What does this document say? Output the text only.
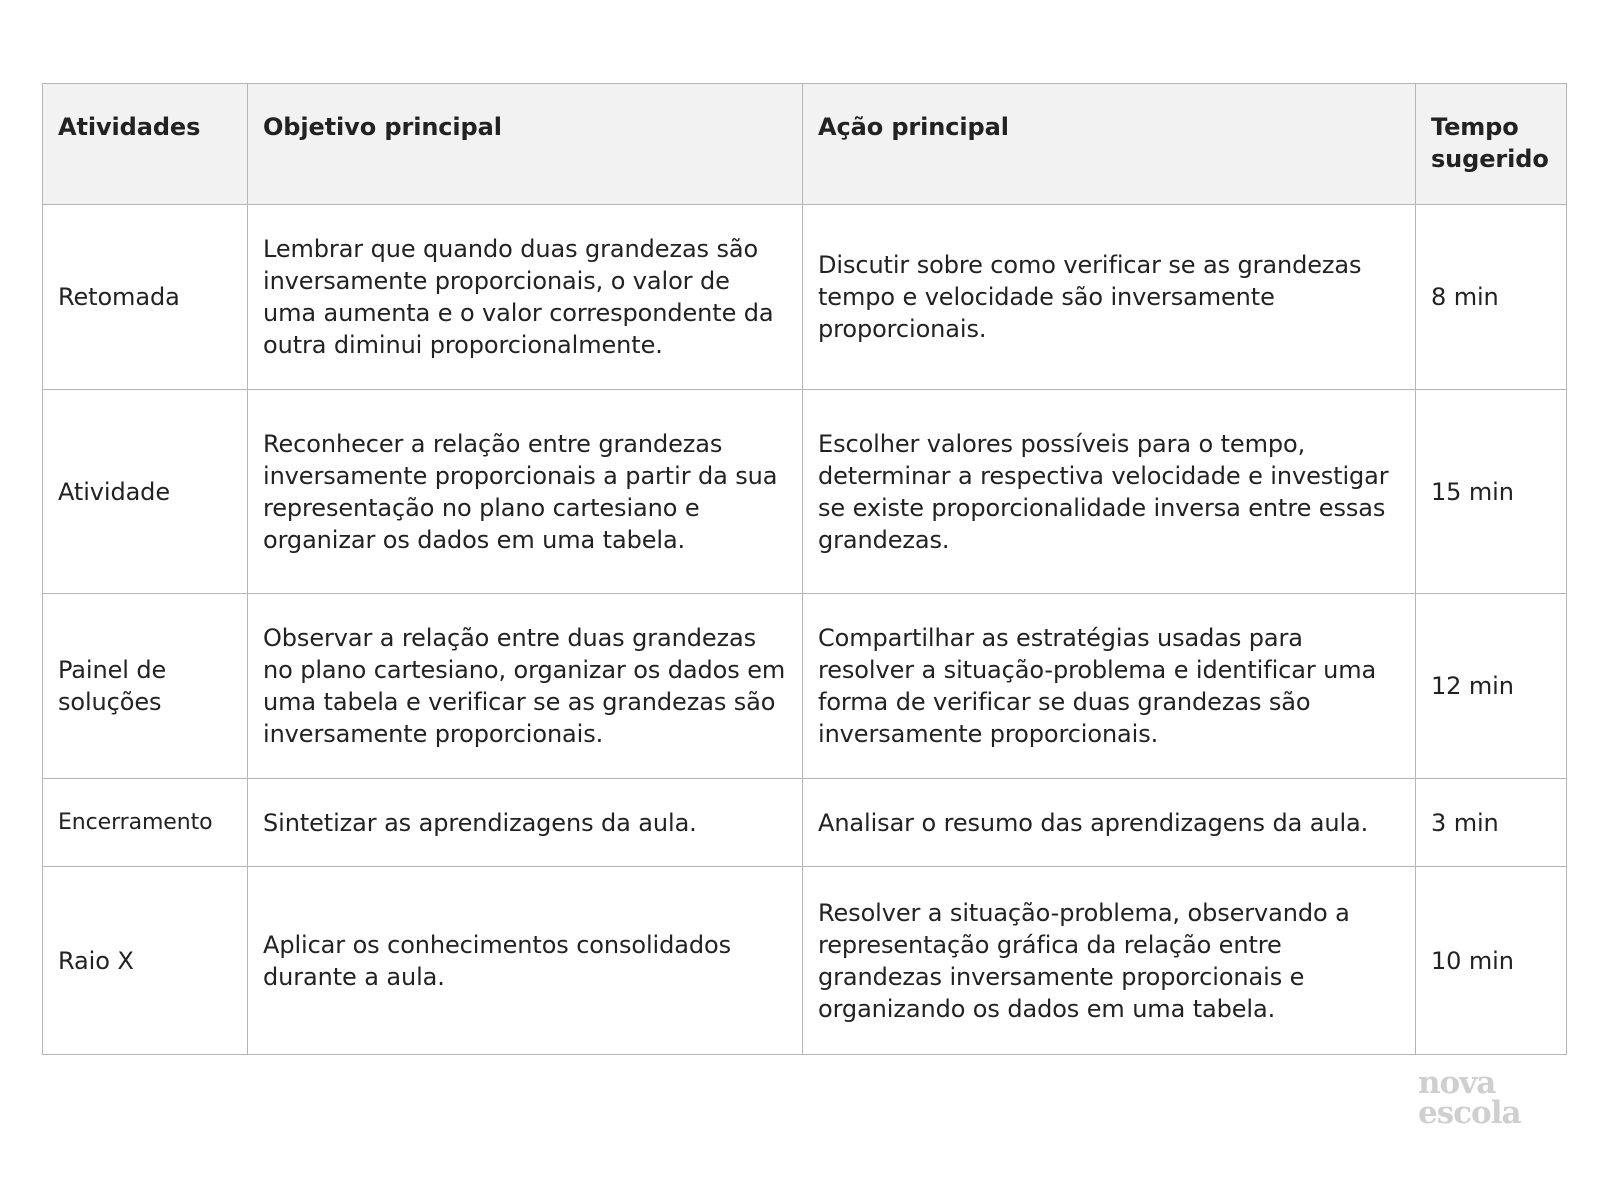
Atividades	Objetivo principal	Ação principal	Tempo sugerido
Retomada	Lembrar que quando duas grandezas são inversamente proporcionais, o valor de uma aumenta e o valor correspondente da outra diminui proporcionalmente.	Discutir sobre como verificar se as grandezas tempo e velocidade são inversamente proporcionais.	8 min
Atividade	Reconhecer a relação entre grandezas inversamente proporcionais a partir da sua representação no plano cartesiano e organizar os dados em uma tabela.	Escolher valores possíveis para o tempo, determinar a respectiva velocidade e investigar se existe proporcionalidade inversa entre essas grandezas.	15 min
Painel de soluções	Observar a relação entre duas grandezas no plano cartesiano, organizar os dados em uma tabela e verificar se as grandezas são inversamente proporcionais.	Compartilhar as estratégias usadas para resolver a situação-problema e identificar uma forma de verificar se duas grandezas são inversamente proporcionais.	12 min
Encerramento	Sintetizar as aprendizagens da aula.	Analisar o resumo das aprendizagens da aula.	3 min
Raio X	Aplicar os conhecimentos consolidados durante a aula.	Resolver a situação-problema, observando a representação gráfica da relação entre grandezas inversamente proporcionais e organizando os dados em uma tabela.	10 min
nova
escola
